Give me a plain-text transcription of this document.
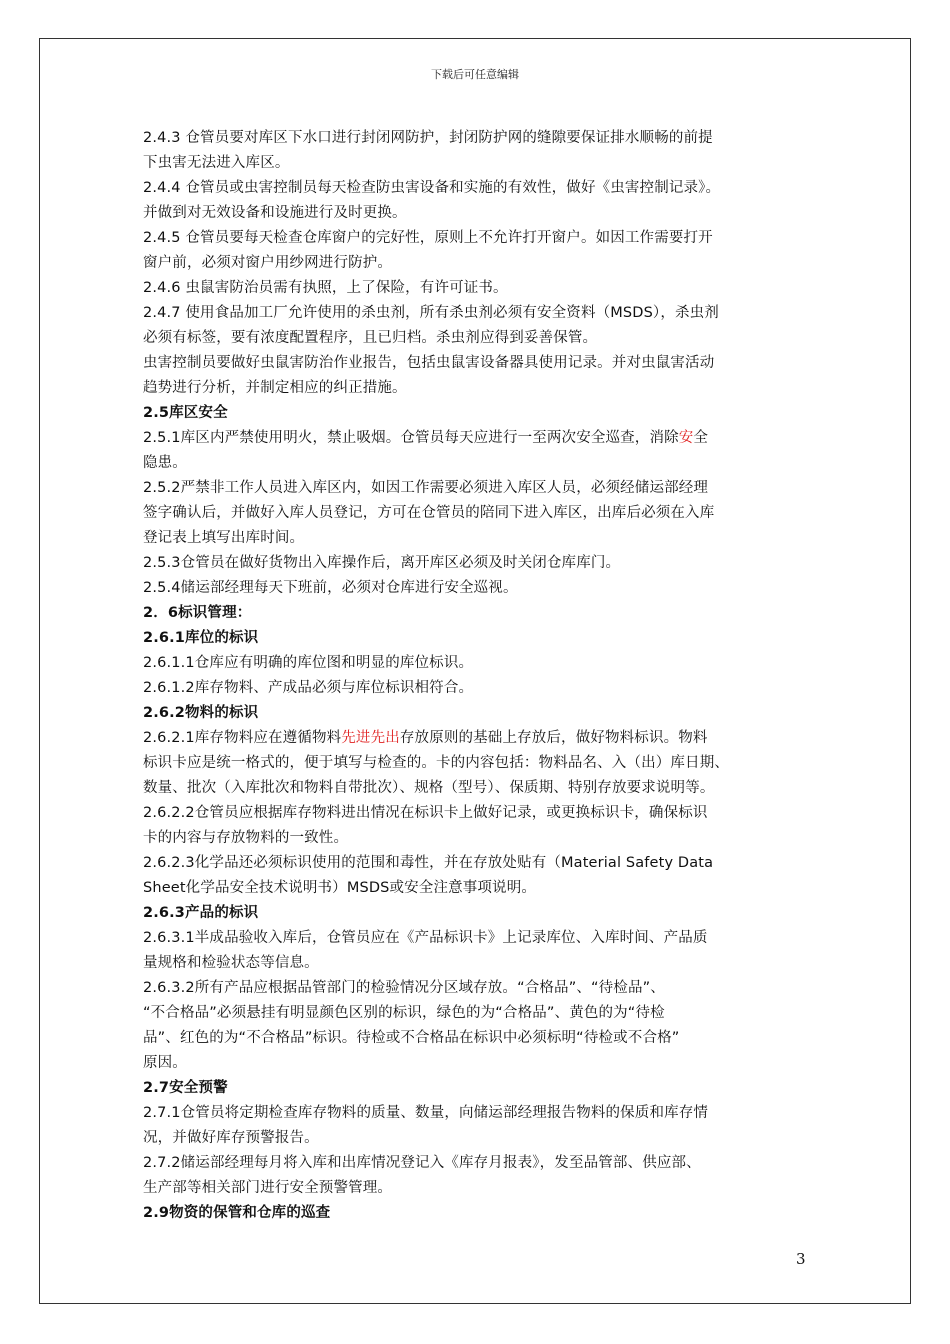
下载后可任意编辑
2.4.3 仓管员要对库区下水口进行封闭网防护，封闭防护网的缝隙要保证排水顺畅的前提
下虫害无法进入库区。
2.4.4 仓管员或虫害控制员每天检查防虫害设备和实施的有效性，做好《虫害控制记录》。
并做到对无效设备和设施进行及时更换。
2.4.5 仓管员要每天检查仓库窗户的完好性，原则上不允许打开窗户。如因工作需要打开
窗户前，必须对窗户用纱网进行防护。
2.4.6 虫鼠害防治员需有执照，上了保险，有许可证书。
2.4.7 使用食品加工厂允许使用的杀虫剂，所有杀虫剂必须有安全资料（MSDS），杀虫剂
必须有标签，要有浓度配置程序，且已归档。杀虫剂应得到妥善保管。
虫害控制员要做好虫鼠害防治作业报告，包括虫鼠害设备器具使用记录。并对虫鼠害活动
趋势进行分析，并制定相应的纠正措施。
2.5库区安全
2.5.1库区内严禁使用明火，禁止吸烟。仓管员每天应进行一至两次安全巡查，消除安全
隐患。
2.5.2严禁非工作人员进入库区内，如因工作需要必须进入库区人员，必须经储运部经理
签字确认后，并做好入库人员登记，方可在仓管员的陪同下进入库区，出库后必须在入库
登记表上填写出库时间。
2.5.3仓管员在做好货物出入库操作后，离开库区必须及时关闭仓库库门。
2.5.4储运部经理每天下班前，必须对仓库进行安全巡视。
2．6标识管理：
2.6.1库位的标识
2.6.1.1仓库应有明确的库位图和明显的库位标识。
2.6.1.2库存物料、产成品必须与库位标识相符合。
2.6.2物料的标识
2.6.2.1库存物料应在遵循物料先进先出存放原则的基础上存放后，做好物料标识。物料
标识卡应是统一格式的，便于填写与检查的。卡的内容包括：物料品名、入（出）库日期、
数量、批次（入库批次和物料自带批次）、规格（型号）、保质期、特别存放要求说明等。
2.6.2.2仓管员应根据库存物料进出情况在标识卡上做好记录，或更换标识卡，确保标识
卡的内容与存放物料的一致性。
2.6.2.3化学品还必须标识使用的范围和毒性，并在存放处贴有（Material Safety Data
Sheet化学品安全技术说明书）MSDS或安全注意事项说明。
2.6.3产品的标识
2.6.3.1半成品验收入库后，仓管员应在《产品标识卡》上记录库位、入库时间、产品质
量规格和检验状态等信息。
2.6.3.2所有产品应根据品管部门的检验情况分区域存放。“合格品”、“待检品”、
“不合格品”必须悬挂有明显颜色区别的标识，绿色的为“合格品”、黄色的为“待检
品”、红色的为“不合格品”标识。待检或不合格品在标识中必须标明“待检或不合格”
原因。
2.7安全预警
2.7.1仓管员将定期检查库存物料的质量、数量，向储运部经理报告物料的保质和库存情
况，并做好库存预警报告。
2.7.2储运部经理每月将入库和出库情况登记入《库存月报表》，发至品管部、供应部、
生产部等相关部门进行安全预警管理。
2.9物资的保管和仓库的巡查
3
